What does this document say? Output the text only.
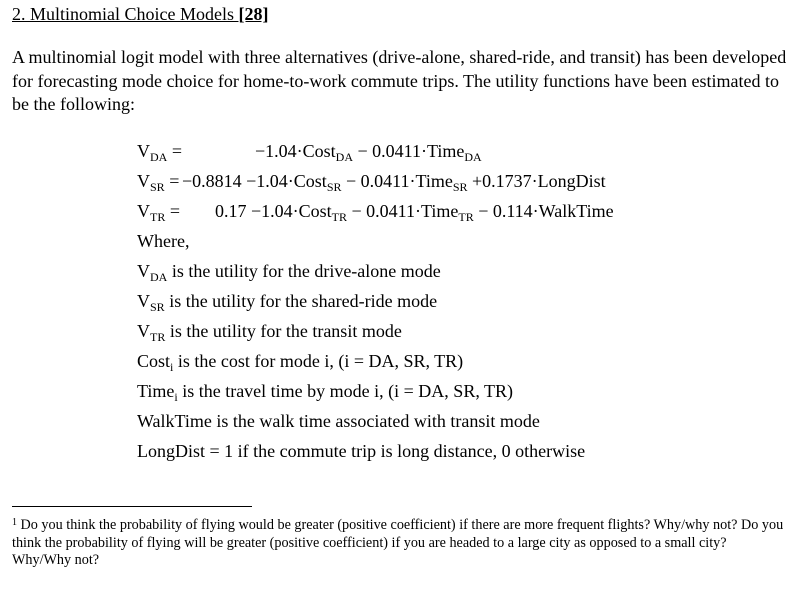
2. Multinomial Choice Models [28]
A multinomial logit model with three alternatives (drive-alone, shared-ride, and transit) has been developed for forecasting mode choice for home-to-work commute trips. The utility functions have been estimated to be the following:
$V_{DA}$ =	−1.04·Cost$_{DA}$ − 0.0411·Time$_{DA}$
$V_{SR} = -0.8814$ −1.04·Cost$_{SR}$ − 0.0411·Time$_{SR}$ +0.1737·LongDist
$V_{TR} = 0.17$ −1.04·Cost$_{TR}$ − 0.0411·Time$_{TR}$ − 0.114·WalkTime
Where,
$V_{DA}$ is the utility for the drive-alone mode
$V_{SR}$ is the utility for the shared-ride mode
$V_{TR}$ is the utility for the transit mode
Cost$_i$ is the cost for mode i, (i = DA, SR, TR)
Time$_i$ is the travel time by mode i, (i = DA, SR, TR)
WalkTime is the walk time associated with transit mode
LongDist = 1 if the commute trip is long distance, 0 otherwise
$^1$ Do you think the probability of flying would be greater (positive coefficient) if there are more frequent flights? Why/why not? Do you think the probability of flying will be greater (positive coefficient) if you are headed to a large city as opposed to a small city? Why/Why not?
